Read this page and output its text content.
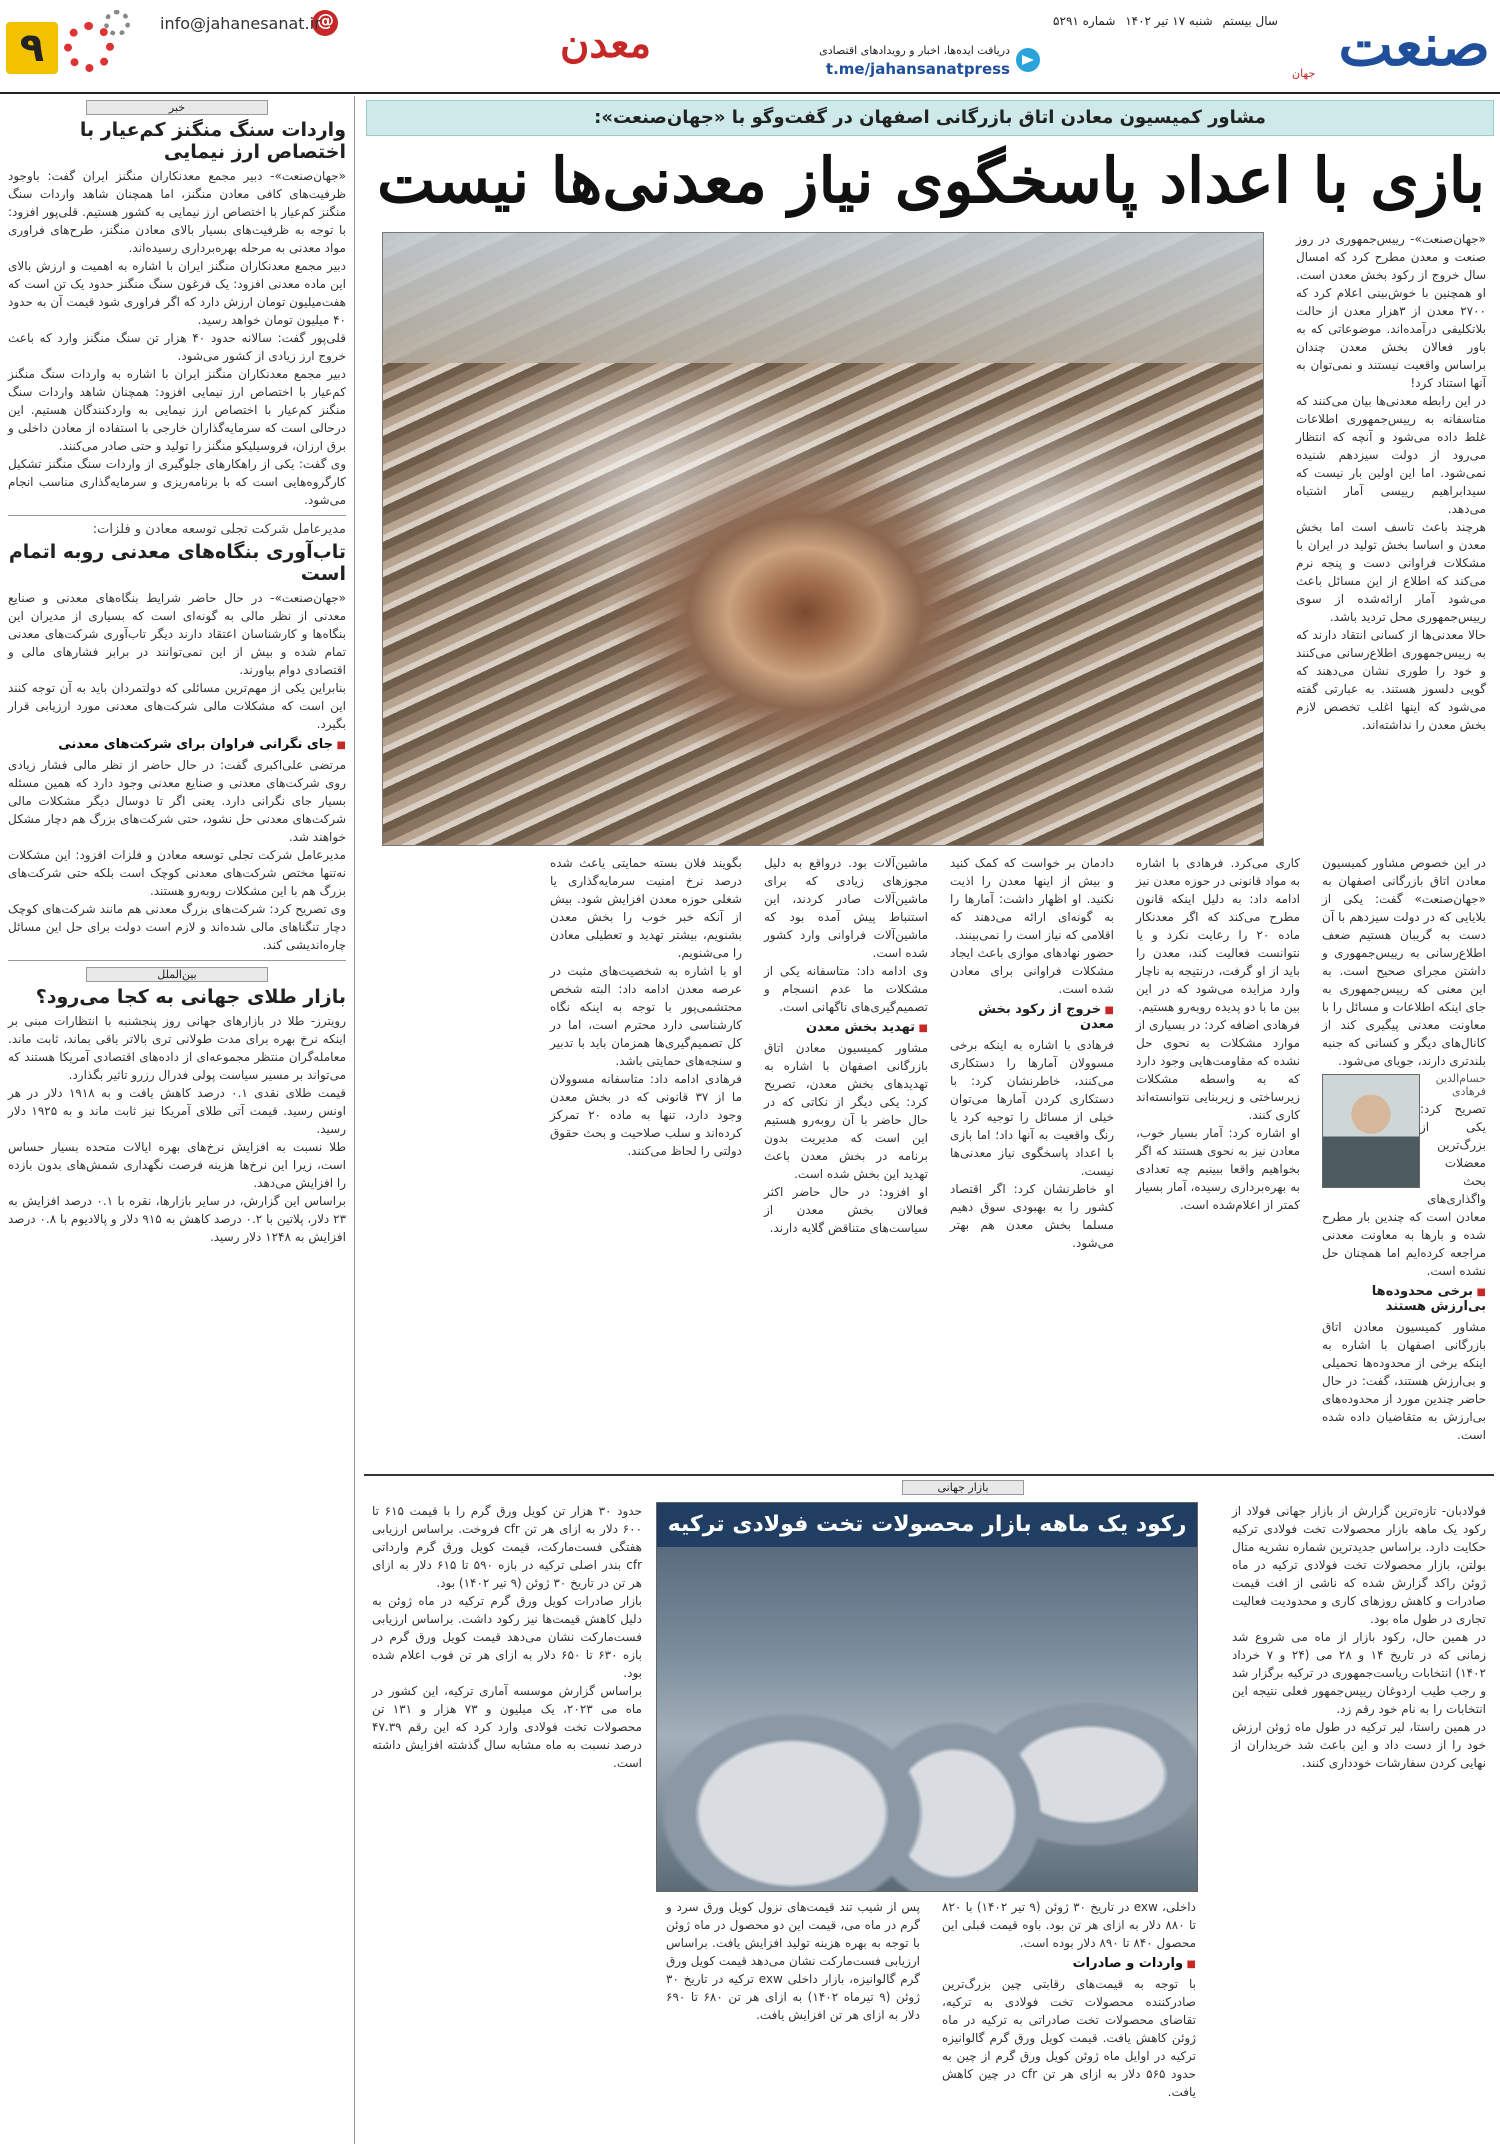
صنعت
جهان
سال بیستم شنبه ۱۷ تیر ۱۴۰۲ شماره ۵۲۹۱
دریافت ایده‌ها، اخبار و رویدادهای اقتصادی
t.me/jahansanatpress
معدن
@
info@jahanesanat.ir
۹
خبر
واردات سنگ منگنز کم‌عیار با اختصاص ارز نیمایی

«جهان‌صنعت»- دبیر مجمع معدنکاران منگنز ایران گفت: باوجود ظرفیت‌های کافی معادن منگنز، اما همچنان شاهد واردات سنگ منگنز کم‌عیار با اختصاص ارز نیمایی به کشور هستیم. قلی‌پور افزود: با توجه به ظرفیت‌های بسیار بالای معادن منگنز، طرح‌های فراوری مواد معدنی به مرحله بهره‌برداری رسیده‌اند.

دبیر مجمع معدنکاران منگنز ایران با اشاره به اهمیت و ارزش بالای این ماده معدنی افزود: یک فرغون سنگ منگنز حدود یک تن است که هفت‌میلیون تومان ارزش دارد که اگر فراوری شود قیمت آن به حدود ۴۰ میلیون تومان خواهد رسید.

قلی‌پور گفت: سالانه حدود ۴۰ هزار تن سنگ منگنز وارد که باعث خروج ارز زیادی از کشور می‌شود.

دبیر مجمع معدنکاران منگنز ایران با اشاره به واردات سنگ منگنز کم‌عیار با اختصاص ارز نیمایی افزود: همچنان شاهد واردات سنگ منگنز کم‌عیار با اختصاص ارز نیمایی به واردکنندگان هستیم. این درحالی است که سرمایه‌گذاران خارجی با استفاده از معادن داخلی و برق ارزان، فروسیلیکو منگنز را تولید و حتی صادر می‌کنند.

وی گفت: یکی از راهکارهای جلوگیری از واردات سنگ منگنز تشکیل کارگروه‌هایی است که با برنامه‌ریزی و سرمایه‌گذاری مناسب انجام می‌شود.

مدیرعامل شرکت تجلی توسعه معادن و فلزات:
تاب‌آوری بنگاه‌های معدنی روبه اتمام است

«جهان‌صنعت»- در حال حاضر شرایط بنگاه‌های معدنی و صنایع معدنی از نظر مالی به گونه‌ای است که بسیاری از مدیران این بنگاه‌ها و کارشناسان اعتقاد دارند دیگر تاب‌آوری شرکت‌های معدنی تمام شده و بیش از این نمی‌توانند در برابر فشارهای مالی و اقتصادی دوام بیاورند.

بنابراین یکی از مهم‌ترین مسائلی که دولتمردان باید به آن توجه کنند این است که مشکلات مالی شرکت‌های معدنی مورد ارزیابی قرار بگیرد.

■ جای نگرانی فراوان برای شرکت‌های معدنی

مرتضی علی‌اکبری گفت: در حال حاضر از نظر مالی فشار زیادی روی شرکت‌های معدنی و صنایع معدنی وجود دارد که همین مسئله بسیار جای نگرانی دارد. یعنی اگر تا دوسال دیگر مشکلات مالی شرکت‌های معدنی حل نشود، حتی شرکت‌های بزرگ هم دچار مشکل خواهند شد.

مدیرعامل شرکت تجلی توسعه معادن و فلزات افزود: این مشکلات نه‌تنها مختص شرکت‌های معدنی کوچک است بلکه حتی شرکت‌های بزرگ هم با این مشکلات روبه‌رو هستند.

وی تصریح کرد: شرکت‌های بزرگ معدنی هم مانند شرکت‌های کوچک دچار تنگناهای مالی شده‌اند و لازم است دولت برای حل این مسائل چاره‌اندیشی کند.

بین‌الملل
بازار طلای جهانی به کجا می‌رود؟

رویترز- طلا در بازارهای جهانی روز پنجشنبه با انتظارات مبنی بر اینکه نرخ بهره برای مدت طولانی تری بالاتر باقی بماند، ثابت ماند. معامله‌گران منتظر مجموعه‌ای از داده‌های اقتصادی آمریکا هستند که می‌تواند بر مسیر سیاست پولی فدرال رزرو تاثیر بگذارد.

قیمت طلای نقدی ۰.۱ درصد کاهش یافت و به ۱۹۱۸ دلار در هر اونس رسید. قیمت آتی طلای آمریکا نیز ثابت ماند و به ۱۹۲۵ دلار رسید.

طلا نسبت به افزایش نرخ‌های بهره ایالات متحده بسیار حساس است، زیرا این نرخ‌ها هزینه فرصت نگهداری شمش‌های بدون بازده را افزایش می‌دهد.

براساس این گزارش، در سایر بازارها، نقره با ۰.۱ درصد افزایش به ۲۳ دلار، پلاتین با ۰.۲ درصد کاهش به ۹۱۵ دلار و پالادیوم با ۰.۸ درصد افزایش به ۱۲۴۸ دلار رسید.

مشاور کمیسیون معادن اتاق بازرگانی اصفهان در گفت‌وگو با «جهان‌صنعت»:
بازی با اعداد پاسخگوی نیاز معدنی‌ها نیست

«جهان‌صنعت»- رییس‌جمهوری در روز صنعت و معدن مطرح کرد که امسال سال خروج از رکود بخش معدن است. او همچنین با خوش‌بینی اعلام کرد که ۲۷۰۰ معدن از ۳هزار معدن از حالت بلاتکلیفی درآمده‌اند. موضوعاتی که به باور فعالان بخش معدن چندان براساس واقعیت نیستند و نمی‌توان به آنها استناد کرد!

در این رابطه معدنی‌ها بیان می‌کنند که متاسفانه به رییس‌جمهوری اطلاعات غلط داده می‌شود و آنچه که انتظار می‌رود از دولت سیزدهم شنیده نمی‌شود. اما این اولین بار نیست که سیدابراهیم رییسی آمار اشتباه می‌دهد.

هرچند باعث تاسف است اما بخش معدن و اساسا بخش تولید در ایران با مشکلات فراوانی دست و پنجه نرم می‌کند که اطلاع از این مسائل باعث می‌شود آمار ارائه‌شده از سوی رییس‌جمهوری محل تردید باشد.

حالا معدنی‌ها از کسانی انتقاد دارند که به رییس‌جمهوری اطلاع‌رسانی می‌کنند و خود را طوری نشان می‌دهند که گویی دلسوز هستند. به عبارتی گفته می‌شود که اینها اغلب تخصص لازم بخش معدن را نداشته‌اند.

در این خصوص مشاور کمیسیون معادن اتاق بازرگانی اصفهان به «جهان‌صنعت» گفت: یکی از بلایایی که در دولت سیزدهم با آن دست به گریبان هستیم ضعف اطلاع‌رسانی به رییس‌جمهوری و داشتن مجرای صحیح است. به این معنی که رییس‌جمهوری به جای اینکه اطلاعات و مسائل را با معاونت معدنی پیگیری کند از کانال‌های دیگر و کسانی که جنبه بلندتری دارند، جویای می‌شود.

حسام‌الدین فرهادی

تصریح کرد: یکی از بزرگ‌ترین معضلات بحث واگذاری‌های معادن است که چندین بار مطرح شده و بارها به معاونت معدنی مراجعه کرده‌ایم اما همچنان حل نشده است.

■ برخی محدوده‌ها بی‌ارزش هستند

مشاور کمیسیون معادن اتاق بازرگانی اصفهان با اشاره به اینکه برخی از محدوده‌ها تحمیلی و بی‌ارزش هستند، گفت: در حال حاضر چندین مورد از محدوده‌های بی‌ارزش به متقاضیان داده شده است.

کاری می‌کرد. فرهادی با اشاره به مواد قانونی در حوزه معدن نیز ادامه داد: به دلیل اینکه قانون مطرح می‌کند که اگر معدنکار ماده ۲۰ را رعایت نکرد و یا نتوانست فعالیت کند، معدن را باید از او گرفت، درنتیجه به ناچار وارد مزایده می‌شود که در این بین ما با دو پدیده روبه‌رو هستیم.

فرهادی اضافه کرد: در بسیاری از موارد مشکلات به نحوی حل نشده که مقاومت‌هایی وجود دارد که به واسطه مشکلات زیرساختی و زیربنایی نتوانسته‌اند کاری کنند.

او اشاره کرد: آمار بسیار خوب، معادن نیز به نحوی هستند که اگر بخواهیم واقعا ببینیم چه تعدادی به بهره‌برداری رسیده، آمار بسیار کمتر از اعلام‌شده است.

دادمان بر خواست که کمک کنید و بیش از اینها معدن را اذیت نکنید. او اظهار داشت: آمارها را به گونه‌ای ارائه می‌دهند که اقلامی که نیاز است را نمی‌بینند.

حضور نهادهای موازی باعث ایجاد مشکلات فراوانی برای معادن شده است.

■ خروج از رکود بخش معدن

فرهادی با اشاره به اینکه برخی مسوولان آمارها را دستکاری می‌کنند، خاطرنشان کرد: با دستکاری کردن آمارها می‌توان خیلی از مسائل را توجیه کرد یا رنگ واقعیت به آنها داد؛ اما بازی با اعداد پاسخگوی نیاز معدنی‌ها نیست.

او خاطرنشان کرد: اگر اقتصاد کشور را به بهبودی سوق دهیم مسلما بخش معدن هم بهتر می‌شود.

ماشین‌آلات بود. درواقع به دلیل مجوزهای زیادی که برای ماشین‌آلات صادر کردند، این استنباط پیش آمده بود که ماشین‌آلات فراوانی وارد کشور شده است.

وی ادامه داد: متاسفانه یکی از مشکلات ما عدم انسجام و تصمیم‌گیری‌های ناگهانی است.

■ تهدید بخش معدن

مشاور کمیسیون معادن اتاق بازرگانی اصفهان با اشاره به تهدیدهای بخش معدن، تصریح کرد: یکی دیگر از نکاتی که در حال حاضر با آن روبه‌رو هستیم این است که مدیریت بدون برنامه در بخش معدن باعث تهدید این بخش شده است.

او افزود: در حال حاضر اکثر فعالان بخش معدن از سیاست‌های متناقض گلایه دارند.

بگویند فلان بسته حمایتی یاعث شده درصد نرخ امنیت سرمایه‌گذاری یا شغلی حوزه معدن افزایش شود. بیش از آنکه خبر خوب را بخش معدن بشنویم، بیشتر تهدید و تعطیلی معادن را می‌شنویم.

او با اشاره به شخصیت‌های مثبت در عرصه معدن ادامه داد: البته شخص محتشمی‌پور با توجه به اینکه نگاه کارشناسی دارد محترم است، اما در کل تصمیم‌گیری‌ها همزمان باید با تدبیر و سنجه‌های حمایتی باشد.

فرهادی ادامه داد: متاسفانه مسوولان ما از ۳۷ قانونی که در بخش معدن وجود دارد، تنها به ماده ۲۰ تمرکز کرده‌اند و سلب صلاحیت و بحث حقوق دولتی را لحاظ می‌کنند.

بازار جهانی
رکود یک ماهه بازار محصولات تخت فولادی ترکیه

فولادبان- تازه‌ترین گزارش از بازار جهانی فولاد از رکود یک ماهه بازار محصولات تخت فولادی ترکیه حکایت دارد. براساس جدیدترین شماره نشریه متال بولتن، بازار محصولات تخت فولادی ترکیه در ماه ژوئن راکد گزارش شده که ناشی از افت قیمت صادرات و کاهش روزهای کاری و محدودیت فعالیت تجاری در طول ماه بود.

در همین حال، رکود بازار از ماه می شروع شد زمانی که در تاریخ ۱۴ و ۲۸ می (۲۴ و ۷ خرداد ۱۴۰۲) انتخابات ریاست‌جمهوری در ترکیه برگزار شد و رجب طیب اردوغان رییس‌جمهور فعلی نتیجه این انتخابات را به نام خود رقم زد.

در همین راستا، لیر ترکیه در طول ماه ژوئن ارزش خود را از دست داد و این باعث شد خریداران از نهایی کردن سفارشات خودداری کنند.

پس از شیب تند قیمت‌های نزول کویل ورق سرد و گرم در ماه می، قیمت این دو محصول در ماه ژوئن با توجه به بهره هزینه تولید افزایش یافت. براساس ارزیابی فست‌مارکت نشان می‌دهد قیمت کویل ورق گرم گالوانیزه، بازار داخلی exw ترکیه در تاریخ ۳۰ ژوئن (۹ تیرماه ۱۴۰۲) به ازای هر تن ۶۸۰ تا ۶۹۰ دلار به ازای هر تن افزایش یافت.

داخلی، exw در تاریخ ۳۰ ژوئن (۹ تیر ۱۴۰۲) با ۸۲۰ تا ۸۸۰ دلار به ازای هر تن بود. باوه قیمت قبلی این محصول ۸۴۰ تا ۸۹۰ دلار بوده است.

■ واردات و صادرات

با توجه به قیمت‌های رقابتی چین بزرگ‌ترین صادرکننده محصولات تخت فولادی به ترکیه، تقاضای محصولات تخت صادراتی به ترکیه در ماه ژوئن کاهش یافت. قیمت کویل ورق گرم گالوانیزه ترکیه در اوایل ماه ژوئن کویل ورق گرم از چین به حدود ۵۶۵ دلار به ازای هر تن cfr در چین کاهش یافت.

حدود ۳۰ هزار تن کویل ورق گرم را با قیمت ۶۱۵ تا ۶۰۰ دلار به ازای هر تن cfr فروخت. براساس ارزیابی هفتگی فست‌مارکت، قیمت کویل ورق گرم وارداتی cfr بندر اصلی ترکیه در بازه ۵۹۰ تا ۶۱۵ دلار به ازای هر تن در تاریخ ۳۰ ژوئن (۹ تیر ۱۴۰۲) بود.

بازار صادرات کویل ورق گرم ترکیه در ماه ژوئن به دلیل کاهش قیمت‌ها نیز رکود داشت. براساس ارزیابی فست‌مارکت نشان می‌دهد قیمت کویل ورق گرم در بازه ۶۳۰ تا ۶۵۰ دلار به ازای هر تن فوب اعلام شده بود.

براساس گزارش موسسه آماری ترکیه، این کشور در ماه می ۲۰۲۳، یک میلیون و ۷۳ هزار و ۱۳۱ تن محصولات تخت فولادی وارد کرد که این رقم ۴۷.۳۹ درصد نسبت به ماه مشابه سال گذشته افزایش داشته است.
